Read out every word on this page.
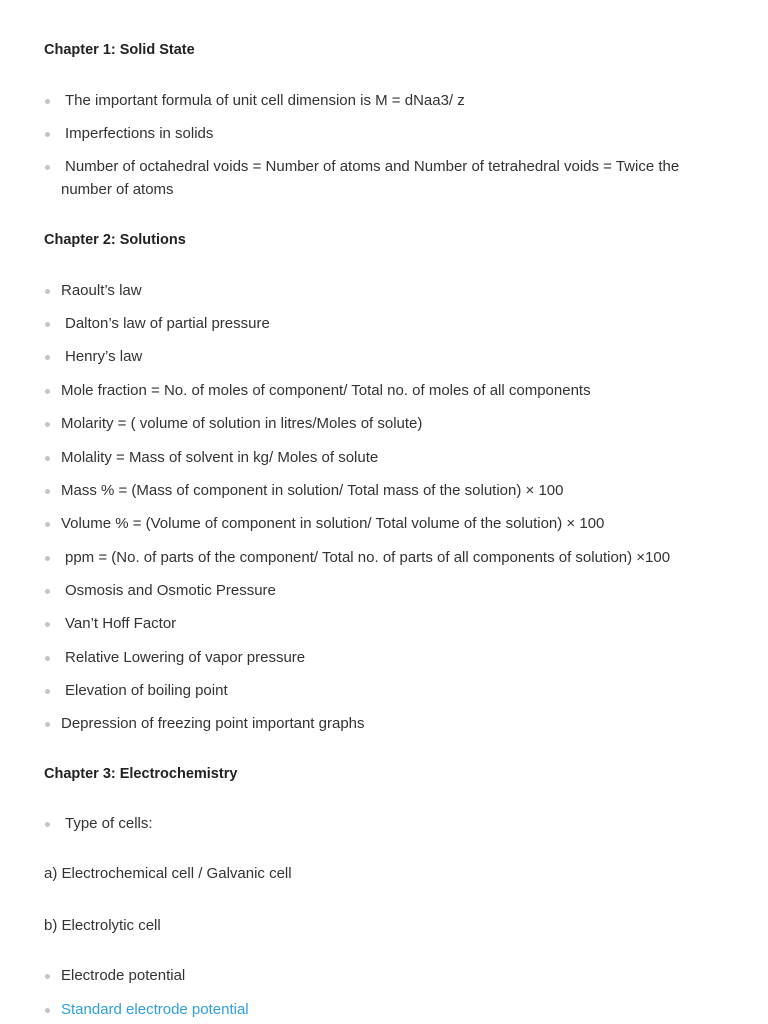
Chapter 1: Solid State
The important formula of unit cell dimension is M = dNaa3/ z
Imperfections in solids
Number of octahedral voids = Number of atoms and Number of tetrahedral voids = Twice the number of atoms
Chapter 2: Solutions
Raoult’s law
Dalton’s law of partial pressure
Henry’s law
Mole fraction = No. of moles of component/ Total no. of moles of all components
Molarity = ( volume of solution in litres/Moles of solute)
Molality = Mass of solvent in kg/ Moles of solute
Mass % = (Mass of component in solution/ Total mass of the solution) × 100
Volume % = (Volume of component in solution/ Total volume of the solution) × 100
ppm = (No. of parts of the component/ Total no. of parts of all components of solution) ×100
Osmosis and Osmotic Pressure
Van’t Hoff Factor
Relative Lowering of vapor pressure
Elevation of boiling point
Depression of freezing point important graphs
Chapter 3: Electrochemistry
Type of cells:
a) Electrochemical cell / Galvanic cell
b) Electrolytic cell
Electrode potential
Standard electrode potential
